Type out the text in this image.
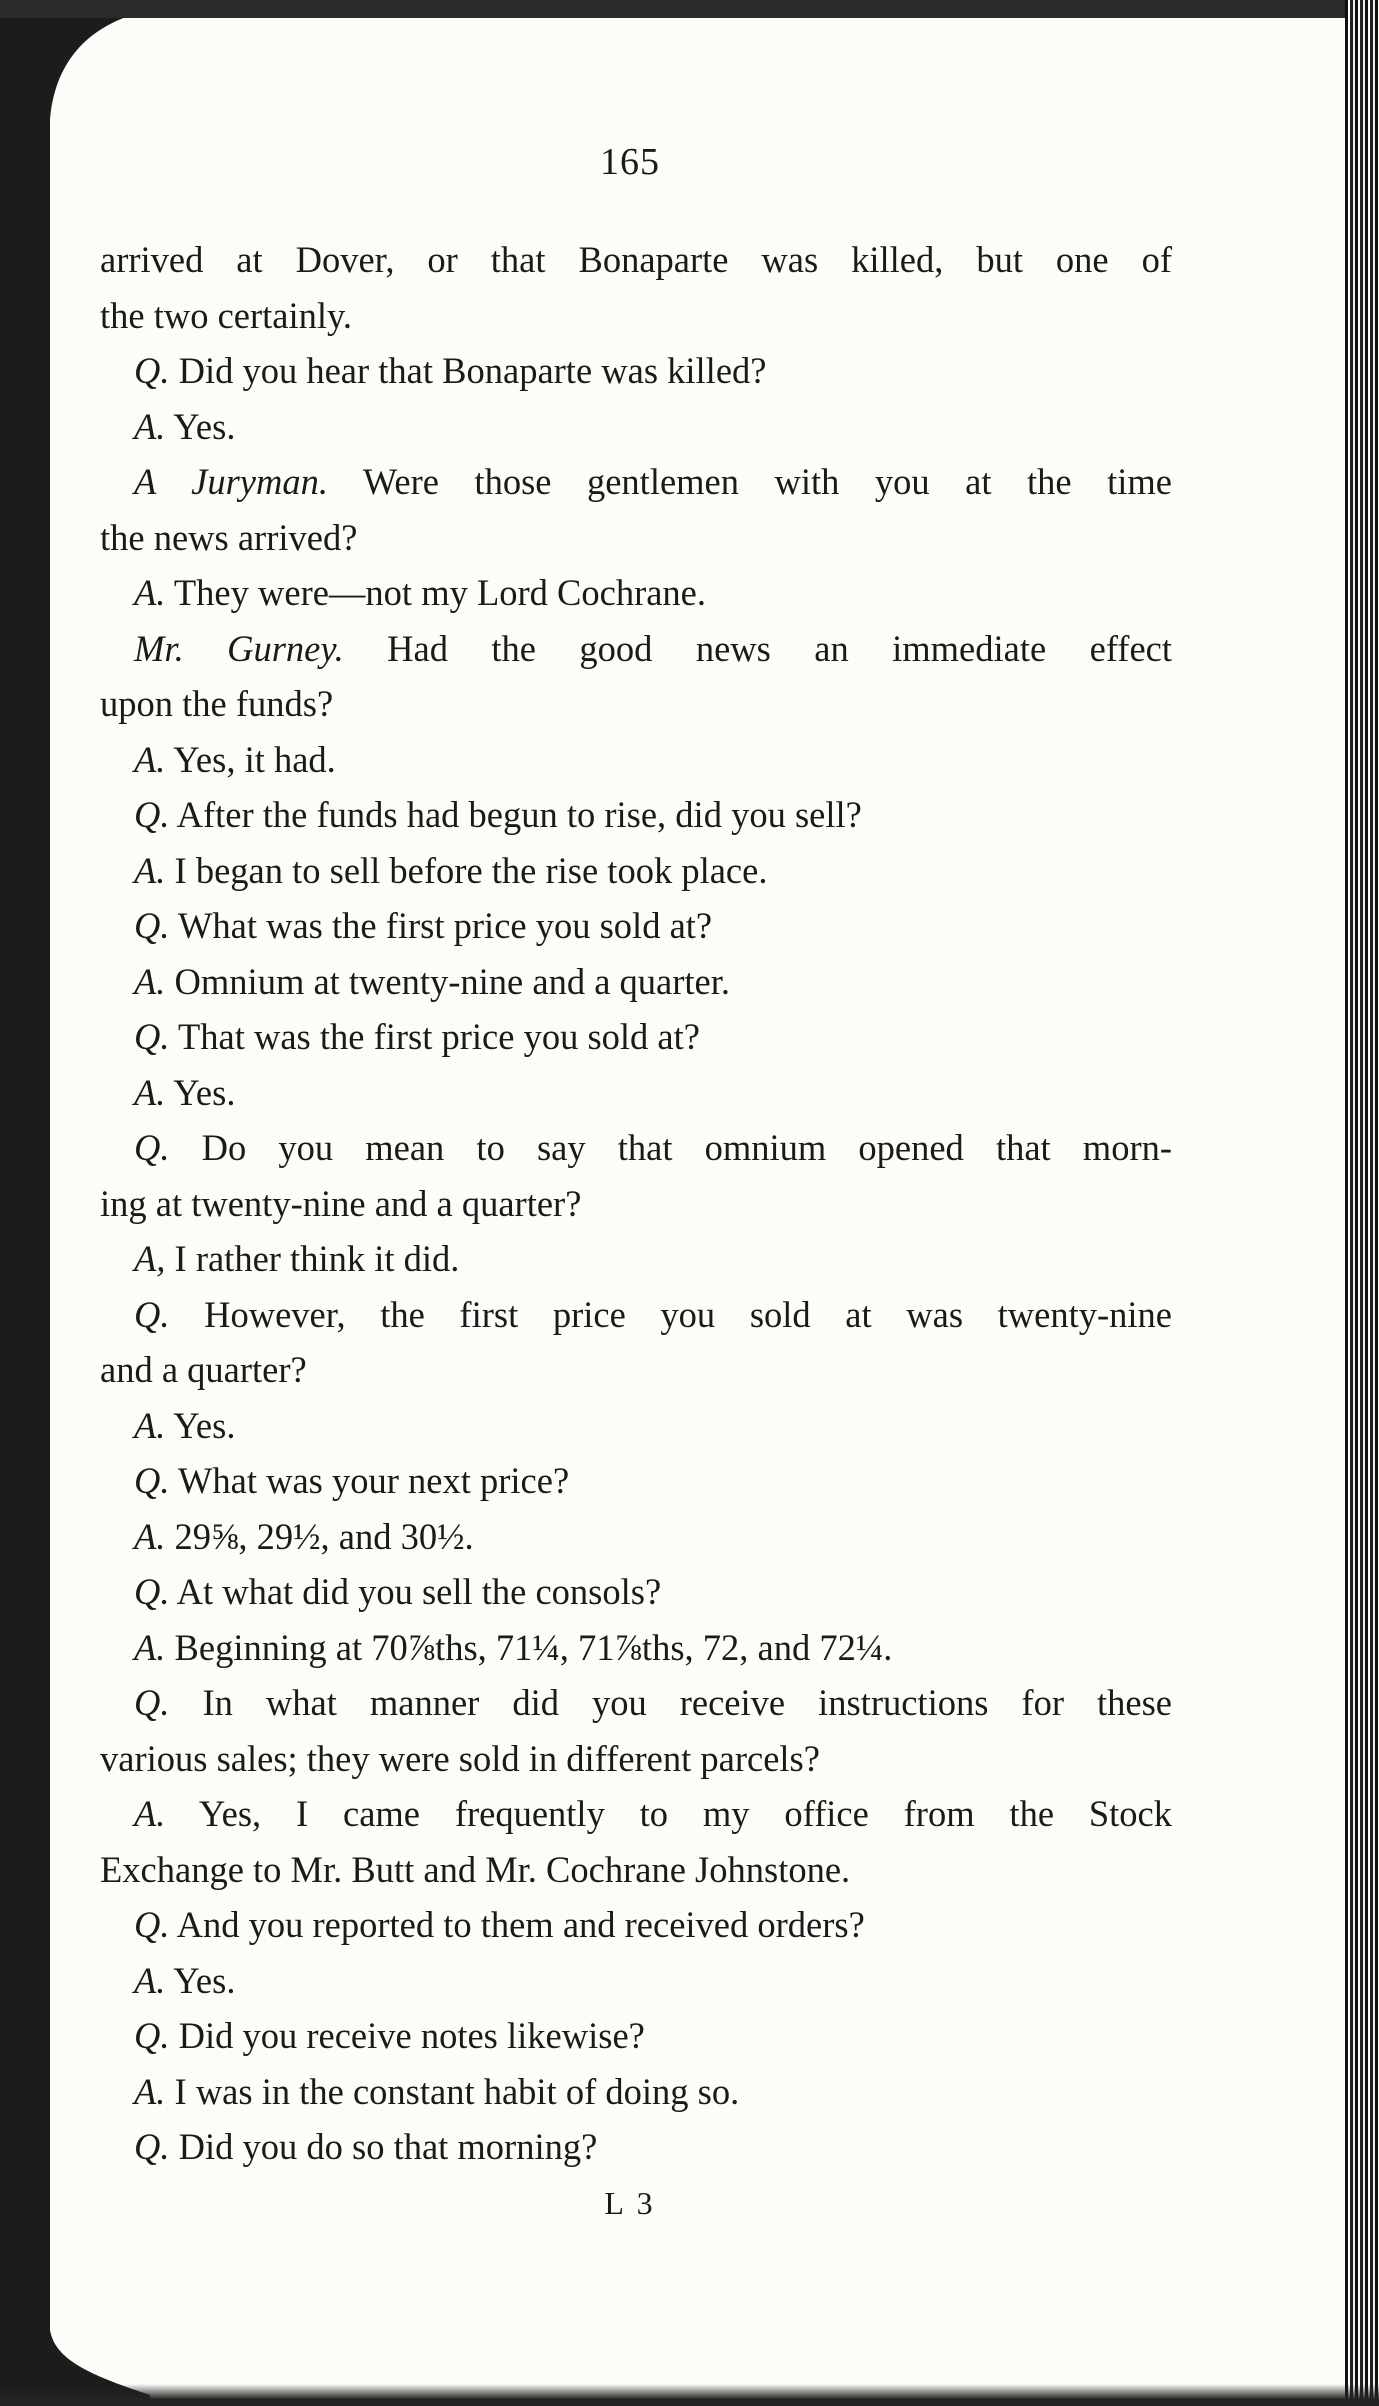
:
165
arrived at Dover, or that Bonaparte was killed, but one of
the two certainly.
Q. Did you hear that Bonaparte was killed?
A. Yes.
A Juryman. Were those gentlemen with you at the time
the news arrived?
A. They were—not my Lord Cochrane.
Mr. Gurney. Had the good news an immediate effect
upon the funds?
A. Yes, it had.
Q. After the funds had begun to rise, did you sell?
A. I began to sell before the rise took place.
Q. What was the first price you sold at?
A. Omnium at twenty-nine and a quarter.
Q. That was the first price you sold at?
A. Yes.
Q. Do you mean to say that omnium opened that morn-
ing at twenty-nine and a quarter?
A, I rather think it did.
Q. However, the first price you sold at was twenty-nine
and a quarter?
A. Yes.
Q. What was your next price?
A. 29⅝, 29½, and 30½.
Q. At what did you sell the consols?
A. Beginning at 70⅞ths, 71¼, 71⅞ths, 72, and 72¼.
Q. In what manner did you receive instructions for these
various sales; they were sold in different parcels?
A. Yes, I came frequently to my office from the Stock
Exchange to Mr. Butt and Mr. Cochrane Johnstone.
Q. And you reported to them and received orders?
A. Yes.
Q. Did you receive notes likewise?
A. I was in the constant habit of doing so.
Q. Did you do so that morning?
L 3
